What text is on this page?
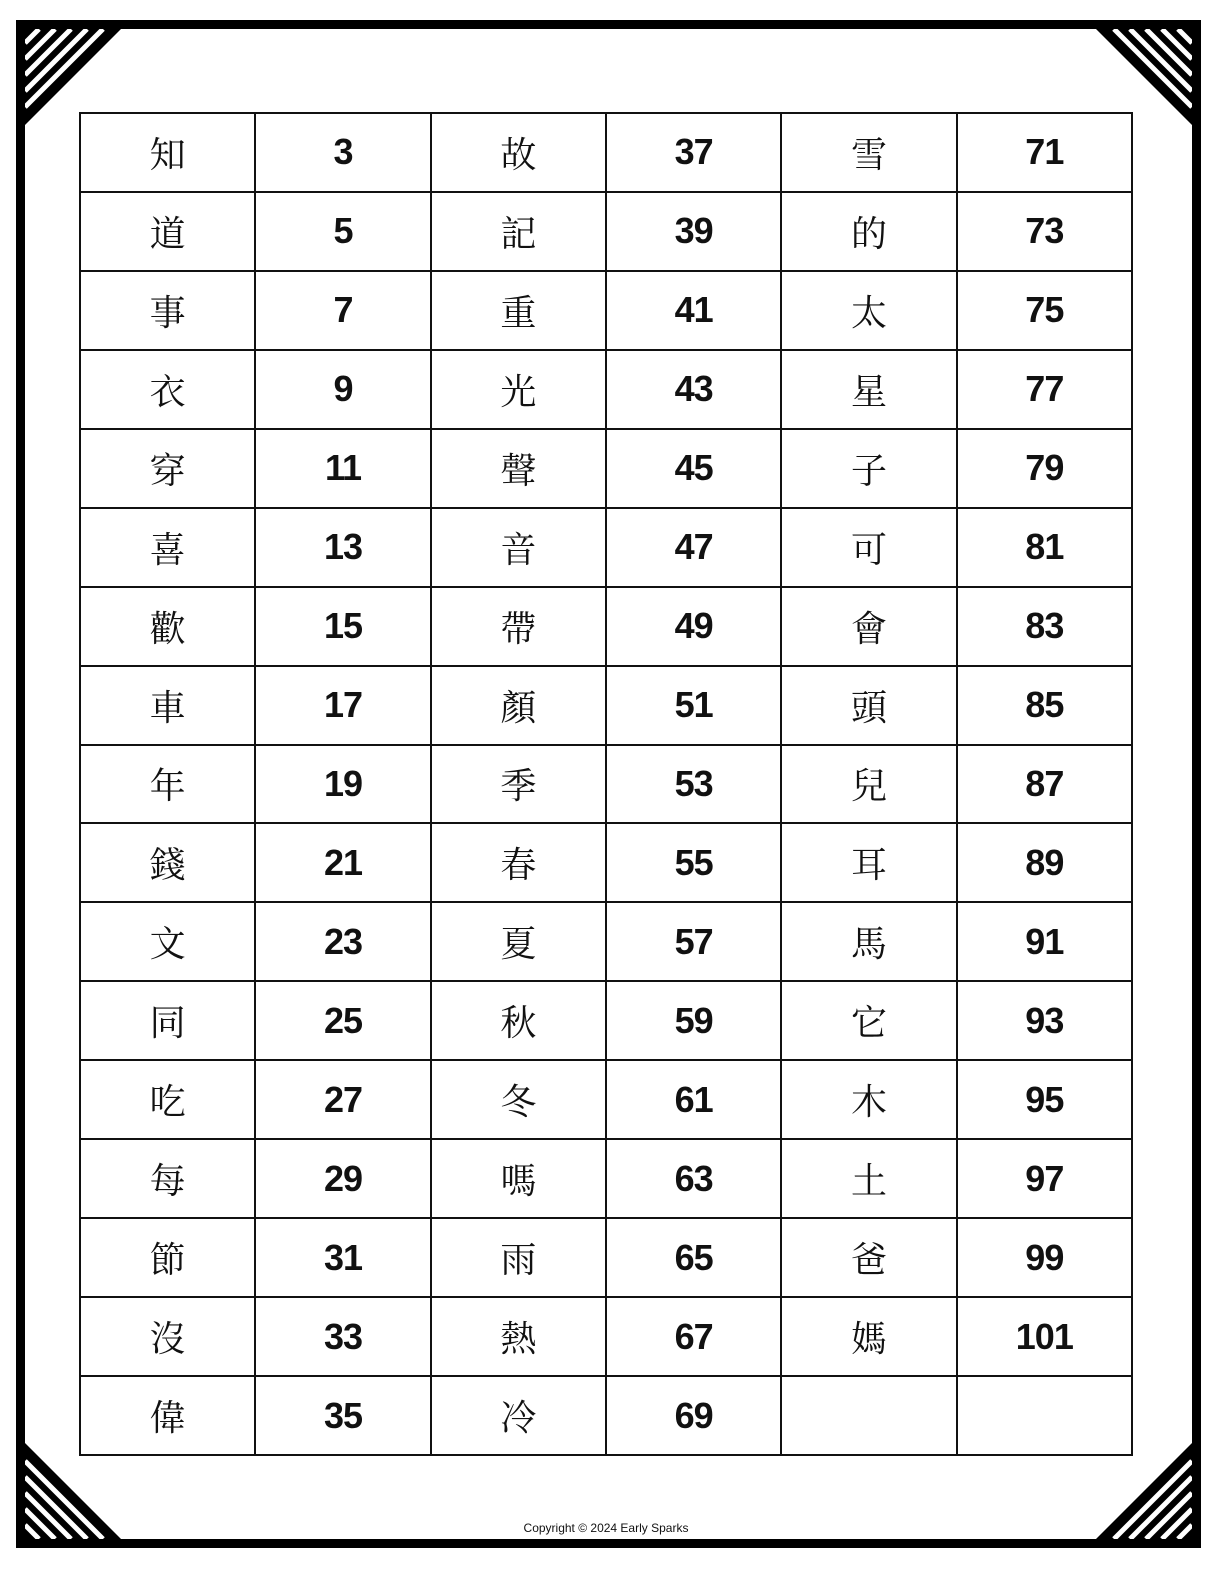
知	3	故	37	雪	71
道	5	記	39	的	73
事	7	重	41	太	75
衣	9	光	43	星	77
穿	11	聲	45	子	79
喜	13	音	47	可	81
歡	15	帶	49	會	83
車	17	顏	51	頭	85
年	19	季	53	兒	87
錢	21	春	55	耳	89
文	23	夏	57	馬	91
同	25	秋	59	它	93
吃	27	冬	61	木	95
每	29	嗎	63	土	97
節	31	雨	65	爸	99
沒	33	熱	67	媽	101
偉	35	冷	69		
Copyright © 2024 Early Sparks
